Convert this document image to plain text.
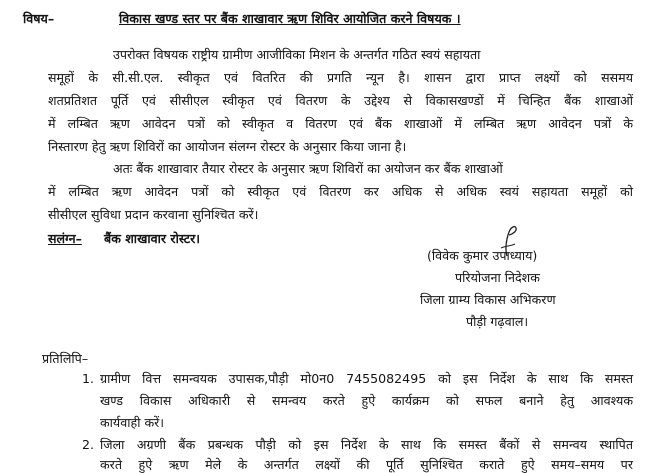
विषय–	विकास खण्ड स्तर पर बैंक शाखावार ऋण शिविर आयोजित करने विषयक ।
उपरोक्त विषयक राष्ट्रीय ग्रामीण आजीविका मिशन के अन्तर्गत गठित स्वयं सहायता
समूहों के सी.सी.एल. स्वीकृत एवं वितरित की प्रगति न्यून है। शासन द्वारा प्राप्त लक्ष्यों को ससमय
शतप्रतिशत पूर्ति एवं सीसीएल स्वीकृत एवं वितरण के उद्देश्य से विकासखण्डों में चिन्हित बैंक शाखाओं
में लम्बित ऋण आवेदन पत्रों को स्वीकृत व वितरण एवं बैंक शाखाओं में लम्बित ऋण आवेदन पत्रों के
निस्तारण हेतु ऋण शिविरों का आयोजन संलग्न रोस्टर के अनुसार किया जाना है।
अतः बैंक शाखावार तैयार रोस्टर के अनुसार ऋण शिविरों का अयोजन कर बैंक शाखाओं
में लम्बित ऋण आवेदन पत्रों को स्वीकृत एवं वितरण कर अधिक से अधिक स्वयं सहायता समूहों को
सीसीएल सुविधा प्रदान करवाना सुनिश्चित करें।
सलंग्न– बैंक शाखावार रोस्टर।
(विवेक कुमार उपाध्याय)
परियोजना निदेशक
जिला ग्राम्य विकास अभिकरण
पौड़ी गढ़वाल।
प्रतिलिपि–
1. ग्रामीण वित्त समन्वयक उपासक,पौड़ी मो0न0 7455082495 को इस निर्देश के साथ कि समस्त
खण्ड विकास अधिकारी से समन्वय करते हुऐ कार्यक्रम को सफल बनाने हेतु आवश्यक
कार्यवाही करें।
2. जिला अग्रणी बैंक प्रबन्धक पौड़ी को इस निर्देश के साथ कि समस्त बैंकों से समन्वय स्थापित
करते हुऐ ऋण मेले के अन्तर्गत लक्ष्यों की पूर्ति सुनिश्चित कराते हुऐ समय–समय पर
